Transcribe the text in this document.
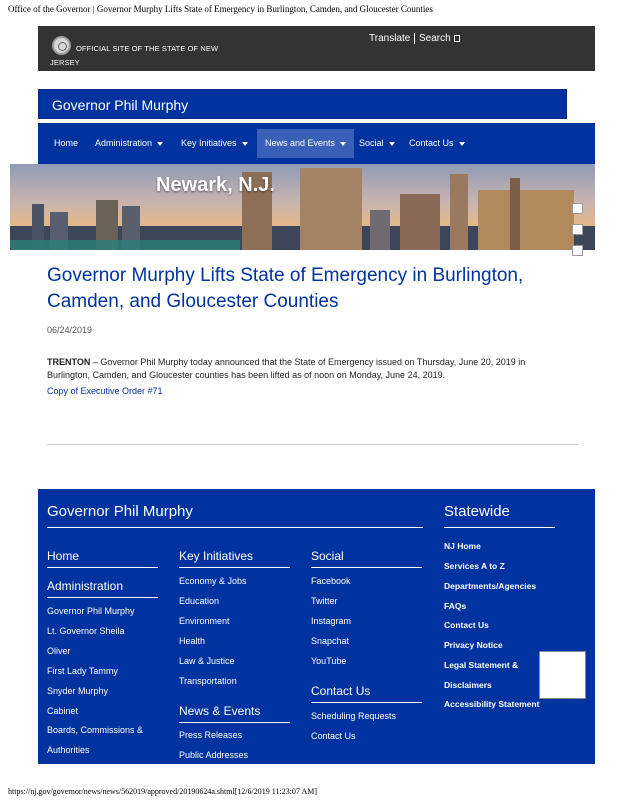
Office of the Governor | Governor Murphy Lifts State of Emergency in Burlington, Camden, and Gloucester Counties
OFFICIAL SITE OF THE STATE OF NEW JERSEY
Translate Search
Governor Phil Murphy
Home Administration	Key Initiatives	News and Events	Social	Contact Us
Newark, N.J.
Governor Murphy Lifts State of Emergency in Burlington, Camden, and Gloucester Counties
06/24/2019
TRENTON – Governor Phil Murphy today announced that the State of Emergency issued on Thursday, June 20, 2019 in Burlington, Camden, and Gloucester counties has been lifted as of noon on Monday, June 24, 2019.
Copy of Executive Order #71
Governor Phil Murphy	Statewide
Home
Administration
Governor Phil Murphy
Lt. Governor Sheila
Oliver
First Lady Tammy
Snyder Murphy
Cabinet
Boards, Commissions &
Authorities
Key Initiatives
Economy & Jobs
Education
Environment
Health
Law & Justice
Transportation
News & Events
Press Releases
Public Addresses
Social
Facebook
Twitter
Instagram
Snapchat
YouTube
Contact Us
Scheduling Requests
Contact Us
NJ Home
Services A to Z
Departments/Agencies
FAQs
Contact Us
Privacy Notice
Legal Statement &
Disclaimers
Accessibility Statement
https://nj.gov/governor/news/news/562019/approved/20190624a.shtml[12/6/2019 11:23:07 AM]
